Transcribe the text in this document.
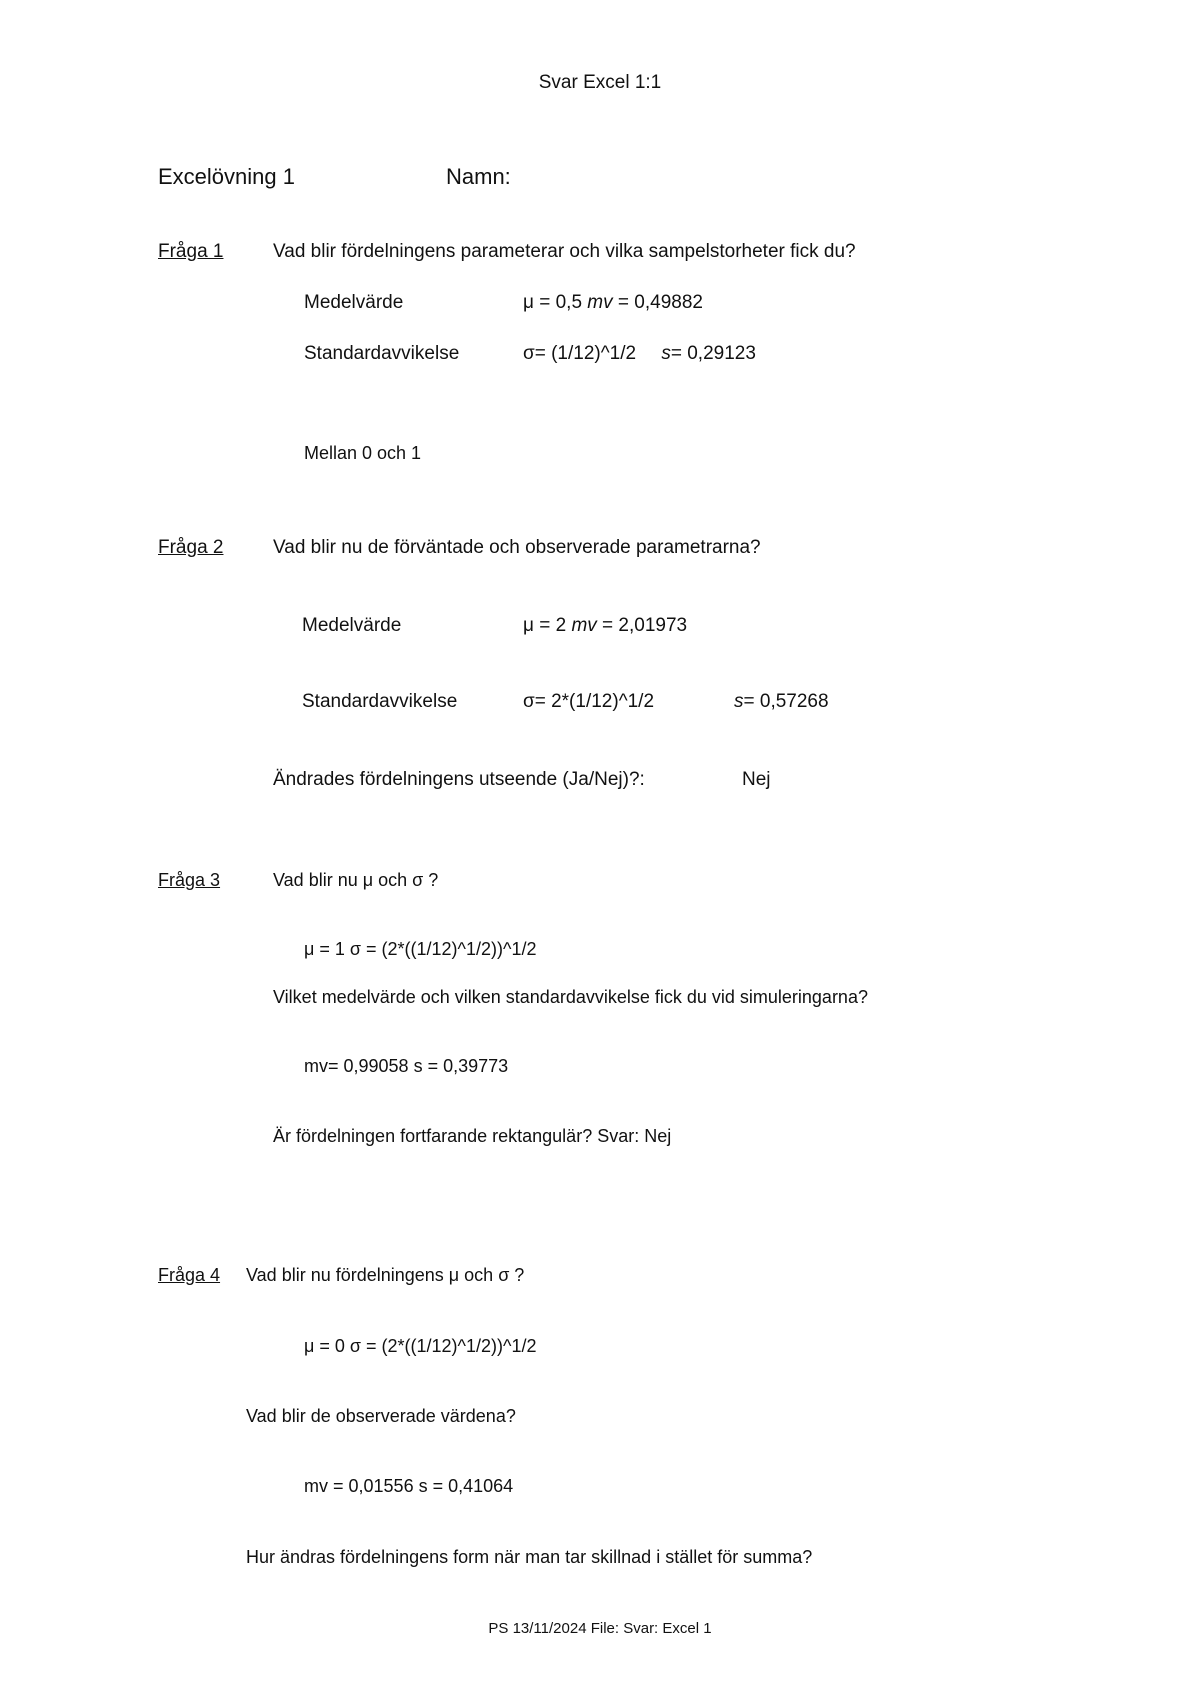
Svar Excel 1:1
Excelövning 1	Namn:
Fråga 1	Vad blir fördelningens parameterar och vilka sampelstorheter fick du?
Medelvärde	μ = 0,5 mv = 0,49882
Standardavvikelse	σ= (1/12)^1/2 s= 0,29123
Mellan 0 och 1
Fråga 2	Vad blir nu de förväntade och observerade parametrarna?
Medelvärde	μ = 2 mv = 2,01973
Standardavvikelse	σ= 2*(1/12)^1/2	s= 0,57268
Ändrades fördelningens utseende (Ja/Nej)?:	Nej
Fråga 3	Vad blir nu μ och σ ?
μ = 1 σ = (2*((1/12)^1/2))^1/2
Vilket medelvärde och vilken standardavvikelse fick du vid simuleringarna?
mv= 0,99058 s = 0,39773
Är fördelningen fortfarande rektangulär? Svar: Nej
Fråga 4 Vad blir nu fördelningens μ och σ ?
μ = 0 σ = (2*((1/12)^1/2))^1/2
Vad blir de observerade värdena?
mv = 0,01556 s = 0,41064
Hur ändras fördelningens form när man tar skillnad i stället för summa?
PS 13/11/2024 File: Svar: Excel 1
